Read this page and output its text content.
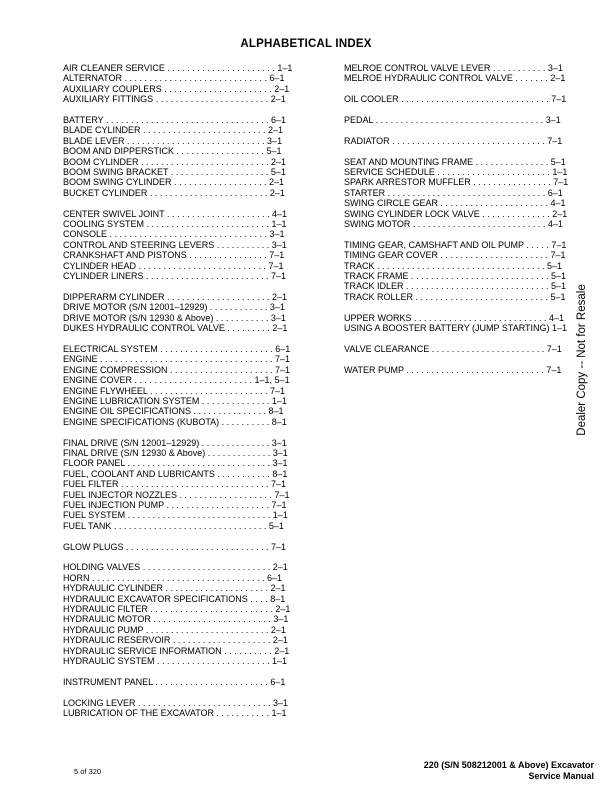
ALPHABETICAL INDEX
AIR CLEANER SERVICE . . . . . . . . . . . . . . . . . . . . . . 1–1
ALTERNATOR . . . . . . . . . . . . . . . . . . . . . . . . . . . . . 6–1
AUXILIARY COUPLERS . . . . . . . . . . . . . . . . . . . . . . 2–1
AUXILIARY FITTINGS . . . . . . . . . . . . . . . . . . . . . . . 2–1
BATTERY . . . . . . . . . . . . . . . . . . . . . . . . . . . . . . . . . 6–1
BLADE CYLINDER . . . . . . . . . . . . . . . . . . . . . . . . . 2–1
BLADE LEVER . . . . . . . . . . . . . . . . . . . . . . . . . . . . 3–1
BOOM AND DIPPERSTICK . . . . . . . . . . . . . . . . . . 5–1
BOOM CYLINDER . . . . . . . . . . . . . . . . . . . . . . . . . . 2–1
BOOM SWING BRACKET . . . . . . . . . . . . . . . . . . . . 5–1
BOOM SWING CYLINDER . . . . . . . . . . . . . . . . . . . 2–1
BUCKET CYLINDER . . . . . . . . . . . . . . . . . . . . . . . . 2–1
CENTER SWIVEL JOINT . . . . . . . . . . . . . . . . . . . . . 4–1
COOLING SYSTEM . . . . . . . . . . . . . . . . . . . . . . . . . 1–1
CONSOLE . . . . . . . . . . . . . . . . . . . . . . . . . . . . . . . . 3–1
CONTROL AND STEERING LEVERS . . . . . . . . . . . 3–1
CRANKSHAFT AND PISTONS . . . . . . . . . . . . . . . . 7–1
CYLINDER HEAD . . . . . . . . . . . . . . . . . . . . . . . . . . 7–1
CYLINDER LINERS . . . . . . . . . . . . . . . . . . . . . . . . . 7–1
DIPPERARM CYLINDER . . . . . . . . . . . . . . . . . . . . . 2–1
DRIVE MOTOR (S/N 12001–12929) . . . . . . . . . . . . 3–1
DRIVE MOTOR (S/N 12930 & Above) . . . . . . . . . . . 3–1
DUKES HYDRAULIC CONTROL VALVE . . . . . . . . . 2–1
ELECTRICAL SYSTEM . . . . . . . . . . . . . . . . . . . . . . . 6–1
ENGINE . . . . . . . . . . . . . . . . . . . . . . . . . . . . . . . . . . . 7–1
ENGINE COMPRESSION . . . . . . . . . . . . . . . . . . . . . 7–1
ENGINE COVER . . . . . . . . . . . . . . . . . . . . . . . . 1–1, 5–1
ENGINE FLYWHEEL . . . . . . . . . . . . . . . . . . . . . . . . 7–1
ENGINE LUBRICATION SYSTEM . . . . . . . . . . . . . . 1–1
ENGINE OIL SPECIFICATIONS . . . . . . . . . . . . . . . 8–1
ENGINE SPECIFICATIONS (KUBOTA) . . . . . . . . . . 8–1
FINAL DRIVE (S/N 12001–12929) . . . . . . . . . . . . . . 3–1
FINAL DRIVE (S/N 12930 & Above) . . . . . . . . . . . . . 3–1
FLOOR PANEL . . . . . . . . . . . . . . . . . . . . . . . . . . . . . 3–1
FUEL, COOLANT AND LUBRICANTS . . . . . . . . . . . 8–1
FUEL FILTER . . . . . . . . . . . . . . . . . . . . . . . . . . . . . . 7–1
FUEL INJECTOR NOZZLES . . . . . . . . . . . . . . . . . . . 7–1
FUEL INJECTION PUMP . . . . . . . . . . . . . . . . . . . . . 7–1
FUEL SYSTEM . . . . . . . . . . . . . . . . . . . . . . . . . . . . . 1–1
FUEL TANK . . . . . . . . . . . . . . . . . . . . . . . . . . . . . . . 5–1
GLOW PLUGS . . . . . . . . . . . . . . . . . . . . . . . . . . . . . 7–1
HOLDING VALVES . . . . . . . . . . . . . . . . . . . . . . . . . . 2–1
HORN . . . . . . . . . . . . . . . . . . . . . . . . . . . . . . . . . . . 6–1
HYDRAULIC CYLINDER . . . . . . . . . . . . . . . . . . . . . 2–1
HYDRAULIC EXCAVATOR SPECIFICATIONS . . . . 8–1
HYDRAULIC FILTER . . . . . . . . . . . . . . . . . . . . . . . . . 2–1
HYDRAULIC MOTOR . . . . . . . . . . . . . . . . . . . . . . . . 3–1
HYDRAULIC PUMP . . . . . . . . . . . . . . . . . . . . . . . . . 2–1
HYDRAULIC RESERVOIR . . . . . . . . . . . . . . . . . . . . 2–1
HYDRAULIC SERVICE INFORMATION . . . . . . . . . . 2–1
HYDRAULIC SYSTEM . . . . . . . . . . . . . . . . . . . . . . . 1–1
INSTRUMENT PANEL . . . . . . . . . . . . . . . . . . . . . . . 6–1
LOCKING LEVER . . . . . . . . . . . . . . . . . . . . . . . . . . . 3–1
LUBRICATION OF THE EXCAVATOR . . . . . . . . . . . 1–1
MELROE CONTROL VALVE LEVER . . . . . . . . . . . 3–1
MELROE HYDRAULIC CONTROL VALVE . . . . . . . 2–1
OIL COOLER . . . . . . . . . . . . . . . . . . . . . . . . . . . . . . 7–1
PEDAL . . . . . . . . . . . . . . . . . . . . . . . . . . . . . . . . . . 3–1
RADIATOR . . . . . . . . . . . . . . . . . . . . . . . . . . . . . . . 7–1
SEAT AND MOUNTING FRAME . . . . . . . . . . . . . . . 5–1
SERVICE SCHEDULE . . . . . . . . . . . . . . . . . . . . . . . 1–1
SPARK ARRESTOR MUFFLER . . . . . . . . . . . . . . . . 7–1
STARTER . . . . . . . . . . . . . . . . . . . . . . . . . . . . . . . . 6–1
SWING CIRCLE GEAR . . . . . . . . . . . . . . . . . . . . . . 4–1
SWING CYLINDER LOCK VALVE . . . . . . . . . . . . . . 2–1
SWING MOTOR . . . . . . . . . . . . . . . . . . . . . . . . . . . 4–1
TIMING GEAR, CAMSHAFT AND OIL PUMP . . . . . 7–1
TIMING GEAR COVER . . . . . . . . . . . . . . . . . . . . . . 7–1
TRACK . . . . . . . . . . . . . . . . . . . . . . . . . . . . . . . . . . 5–1
TRACK FRAME . . . . . . . . . . . . . . . . . . . . . . . . . . . . 5–1
TRACK IDLER . . . . . . . . . . . . . . . . . . . . . . . . . . . . . 5–1
TRACK ROLLER . . . . . . . . . . . . . . . . . . . . . . . . . . . 5–1
UPPER WORKS . . . . . . . . . . . . . . . . . . . . . . . . . . . 4–1
USING A BOOSTER BATTERY (JUMP STARTING) 1–1
VALVE CLEARANCE . . . . . . . . . . . . . . . . . . . . . . . 7–1
WATER PUMP . . . . . . . . . . . . . . . . . . . . . . . . . . . . 7–1	Dealer Copy -- Not for Resale
5 of 320
220 (S/N 508212001 & Above) Excavator
Service Manual
